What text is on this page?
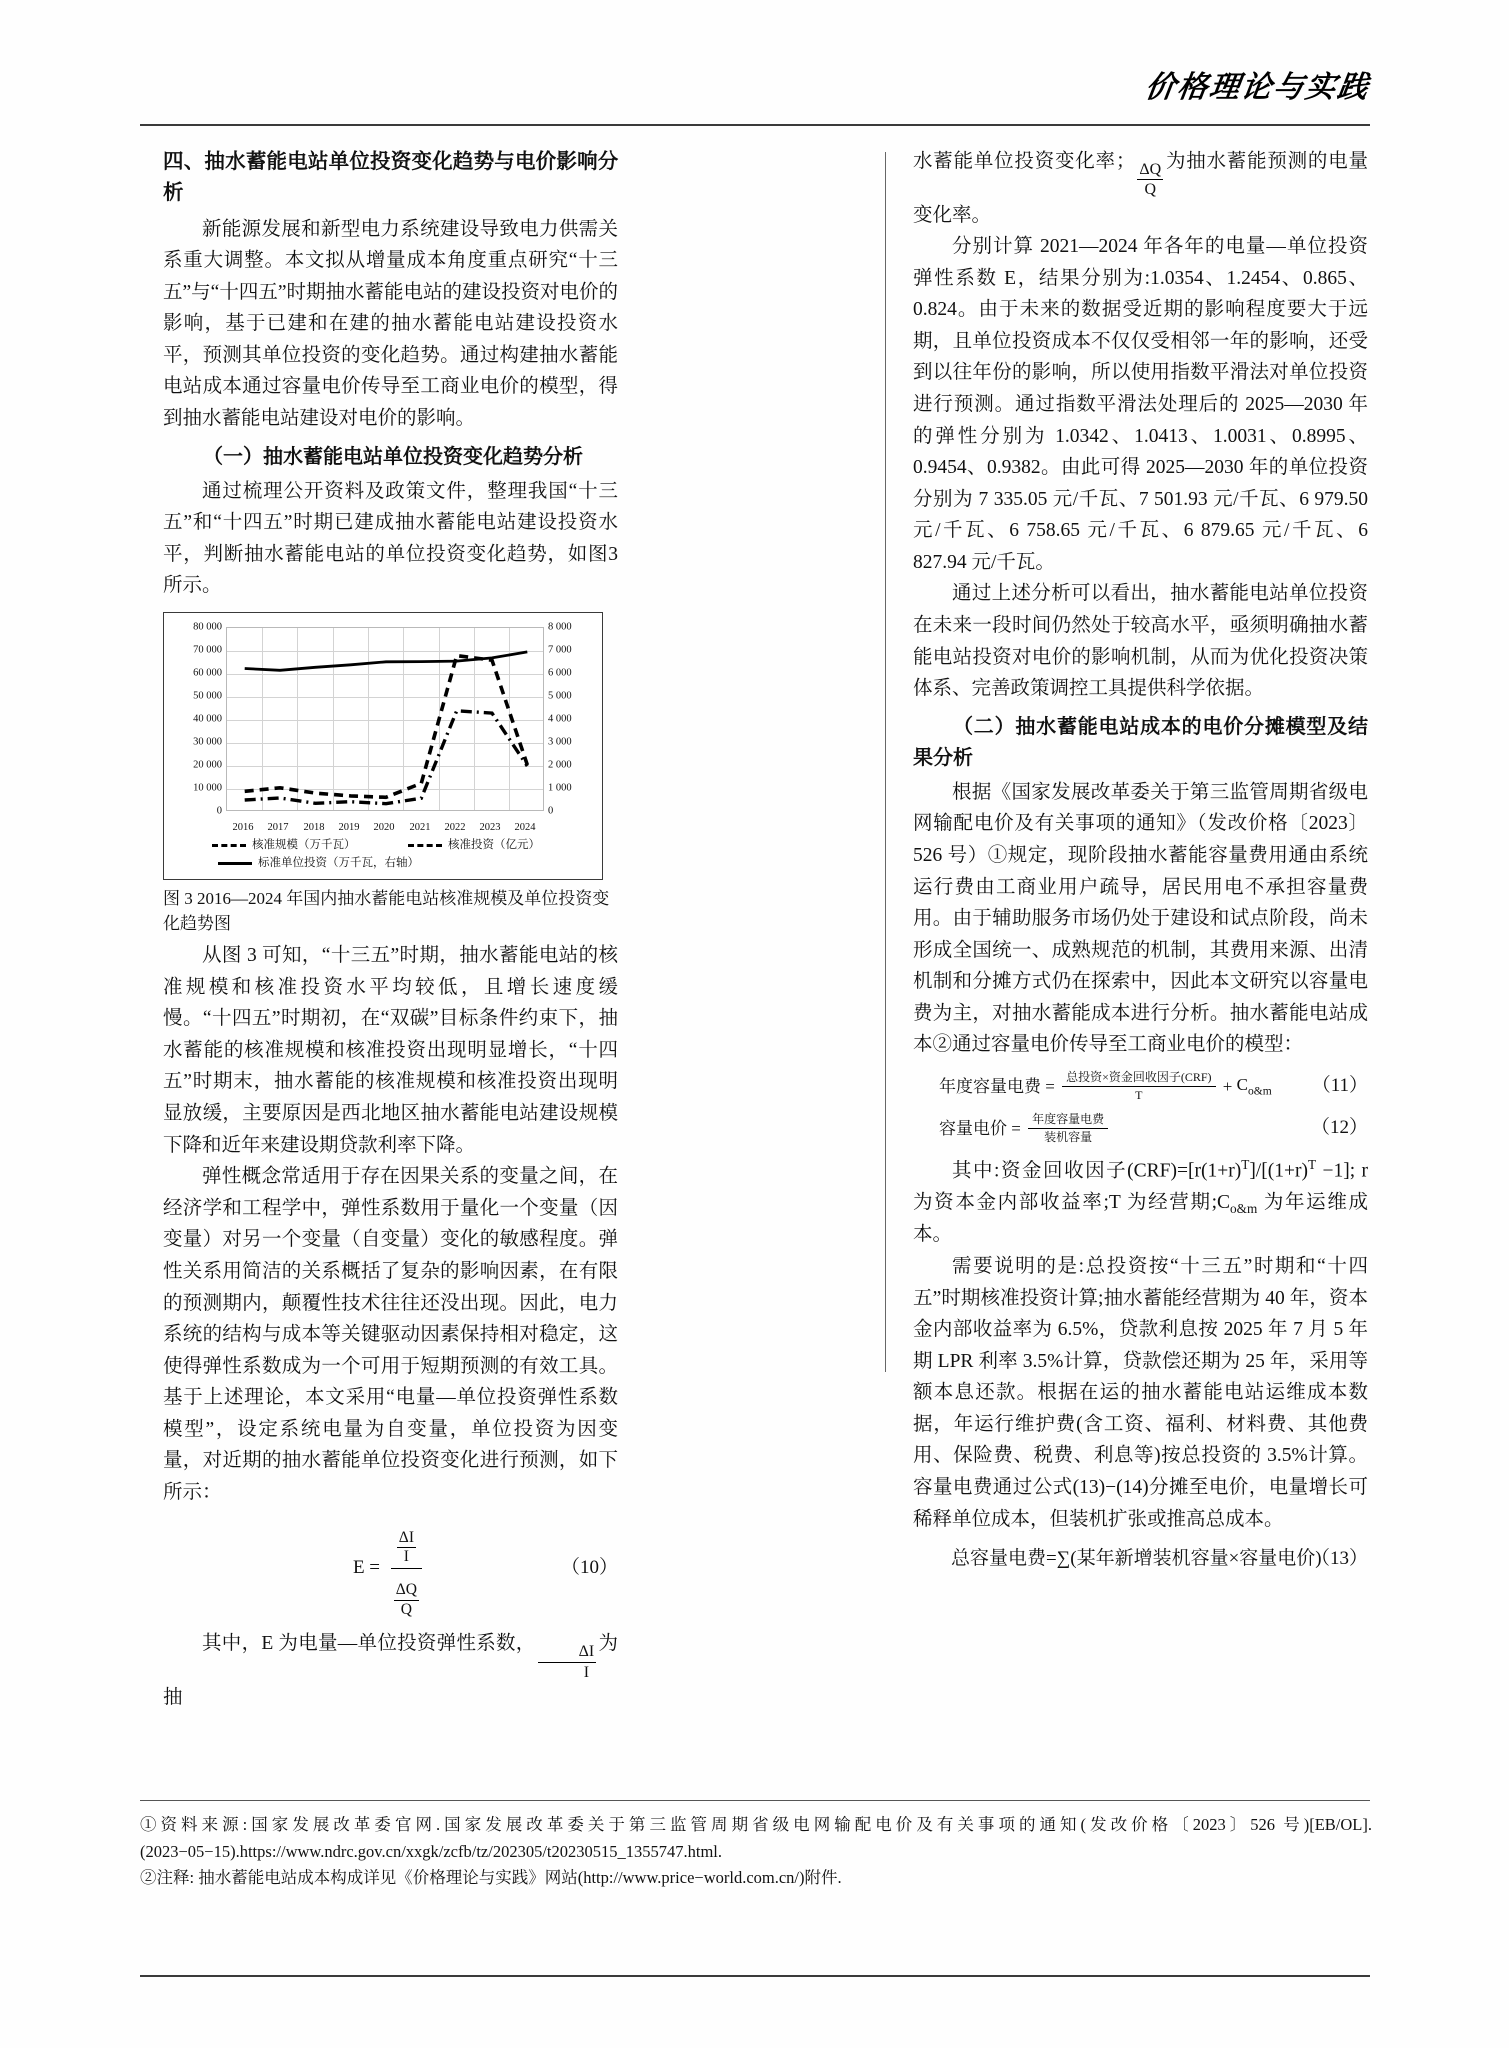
价格理论与实践
四、抽水蓄能电站单位投资变化趋势与电价影响分析

新能源发展和新型电力系统建设导致电力供需关系重大调整。本文拟从增量成本角度重点研究“十三五”与“十四五”时期抽水蓄能电站的建设投资对电价的影响，基于已建和在建的抽水蓄能电站建设投资水平，预测其单位投资的变化趋势。通过构建抽水蓄能电站成本通过容量电价传导至工商业电价的模型，得到抽水蓄能电站建设对电价的影响。

（一）抽水蓄能电站单位投资变化趋势分析

通过梳理公开资料及政策文件，整理我国“十三五”和“十四五”时期已建成抽水蓄能电站建设投资水平，判断抽水蓄能电站的单位投资变化趋势，如图3所示。

80 000
70 000
60 000
50 000
40 000
30 000
20 000
10 000
0
8 000
7 000
6 000
5 000
4 000
3 000
2 000
1 000
0
2016	2017	2018	2019	2020	2021	2022	2023	2024
核准规模（万千瓦）	核准投资（亿元）
标准单位投资（万千瓦，右轴）
图 3 2016—2024 年国内抽水蓄能电站核准规模及单位投资变化趋势图

从图 3 可知，“十三五”时期，抽水蓄能电站的核准规模和核准投资水平均较低，且增长速度缓慢。“十四五”时期初，在“双碳”目标条件约束下，抽水蓄能的核准规模和核准投资出现明显增长，“十四五”时期末，抽水蓄能的核准规模和核准投资出现明显放缓，主要原因是西北地区抽水蓄能电站建设规模下降和近年来建设期贷款利率下降。

弹性概念常适用于存在因果关系的变量之间，在经济学和工程学中，弹性系数用于量化一个变量（因变量）对另一个变量（自变量）变化的敏感程度。弹性关系用简洁的关系概括了复杂的影响因素，在有限的预测期内，颠覆性技术往往还没出现。因此，电力系统的结构与成本等关键驱动因素保持相对稳定，这使得弹性系数成为一个可用于短期预测的有效工具。基于上述理论，本文采用“电量—单位投资弹性系数模型”，设定系统电量为自变量，单位投资为因变量，对近期的抽水蓄能单位投资变化进行预测，如下所示：

$E = \frac{\frac{\Delta I}{I}}{\frac{\Delta Q}{Q}}$	（10）

其中，E 为电量—单位投资弹性系数， $\frac{\Delta I}{I}$ 为抽

水蓄能单位投资变化率； $\frac{\Delta Q}{Q}$ 为抽水蓄能预测的电量变化率。

分别计算 2021—2024 年各年的电量—单位投资弹性系数 E，结果分别为:1.0354、1.2454、0.865、0.824。由于未来的数据受近期的影响程度要大于远期，且单位投资成本不仅仅受相邻一年的影响，还受到以往年份的影响，所以使用指数平滑法对单位投资进行预测。通过指数平滑法处理后的 2025—2030 年的弹性分别为 1.0342、1.0413、1.0031、0.8995、0.9454、0.9382。由此可得 2025—2030 年的单位投资分别为 7 335.05 元/千瓦、7 501.93 元/千瓦、6 979.50 元/千瓦、6 758.65 元/千瓦、6 879.65 元/千瓦、6 827.94 元/千瓦。

通过上述分析可以看出，抽水蓄能电站单位投资在未来一段时间仍然处于较高水平，亟须明确抽水蓄能电站投资对电价的影响机制，从而为优化投资决策体系、完善政策调控工具提供科学依据。

（二）抽水蓄能电站成本的电价分摊模型及结果分析

根据《国家发展改革委关于第三监管周期省级电网输配电价及有关事项的通知》（发改价格〔2023〕526 号）①规定，现阶段抽水蓄能容量费用通由系统运行费由工商业用户疏导，居民用电不承担容量费用。由于辅助服务市场仍处于建设和试点阶段，尚未形成全国统一、成熟规范的机制，其费用来源、出清机制和分摊方式仍在探索中，因此本文研究以容量电费为主，对抽水蓄能成本进行分析。抽水蓄能电站成本②通过容量电价传导至工商业电价的模型：

年度容量电费 = $\frac{\text{总投资×资金回收因子(CRF)}}{T} + C_{o\&m}$ （11）
容量电价 = $\frac{\text{年度容量电费}}{\text{装机容量}}$	（12）

其中:资金回收因子$(CRF)=[r(1+r)^T]/[(1+r)^T -1]$; r 为资本金内部收益率;T 为经营期$;C_{o\&m}$ 为年运维成本。

需要说明的是:总投资按“十三五”时期和“十四五”时期核准投资计算;抽水蓄能经营期为 40 年，资本金内部收益率为 6.5%，贷款利息按 2025 年 7 月 5 年期 LPR 利率 3.5%计算，贷款偿还期为 25 年，采用等额本息还款。根据在运的抽水蓄能电站运维成本数据，年运行维护费(含工资、福利、材料费、其他费用、保险费、税费、利息等)按总投资的 3.5%计算。容量电费通过公式(13)−(14)分摊至电价，电量增长可稀释单位成本，但装机扩张或推高总成本。

总容量电费=∑(某年新增装机容量×容量电价)
（13）

①资料来源:国家发展改革委官网.国家发展改革委关于第三监管周期省级电网输配电价及有关事项的通知(发改价格〔2023〕526 号)[EB/OL].(2023−05−15).https://www.ndrc.gov.cn/xxgk/zcfb/tz/202305/t20230515_1355747.html.

②注释: 抽水蓄能电站成本构成详见《价格理论与实践》网站(http://www.price−world.com.cn/)附件.
